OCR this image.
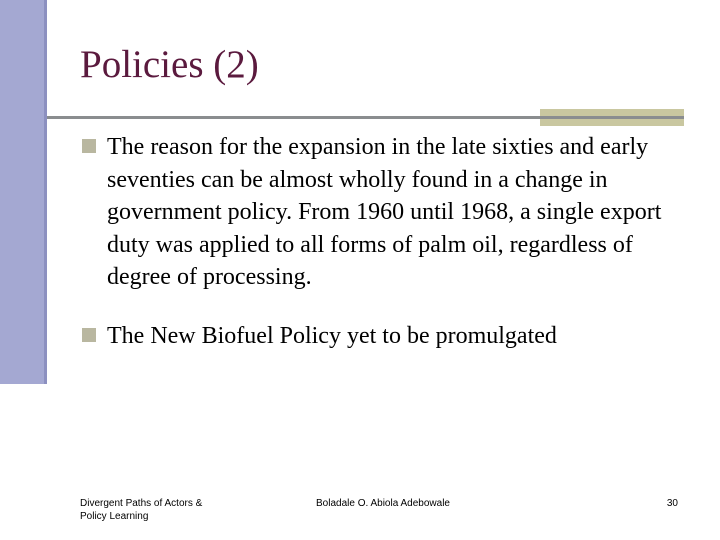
Policies (2)
The reason for the expansion in the late sixties and early seventies can be almost wholly found in a change in government policy. From 1960 until 1968, a single export duty was applied to all forms of palm oil, regardless of degree of processing.
The New Biofuel Policy yet to be promulgated
Divergent Paths of Actors &
Policy Learning
Boladale O. Abiola Adebowale	30
